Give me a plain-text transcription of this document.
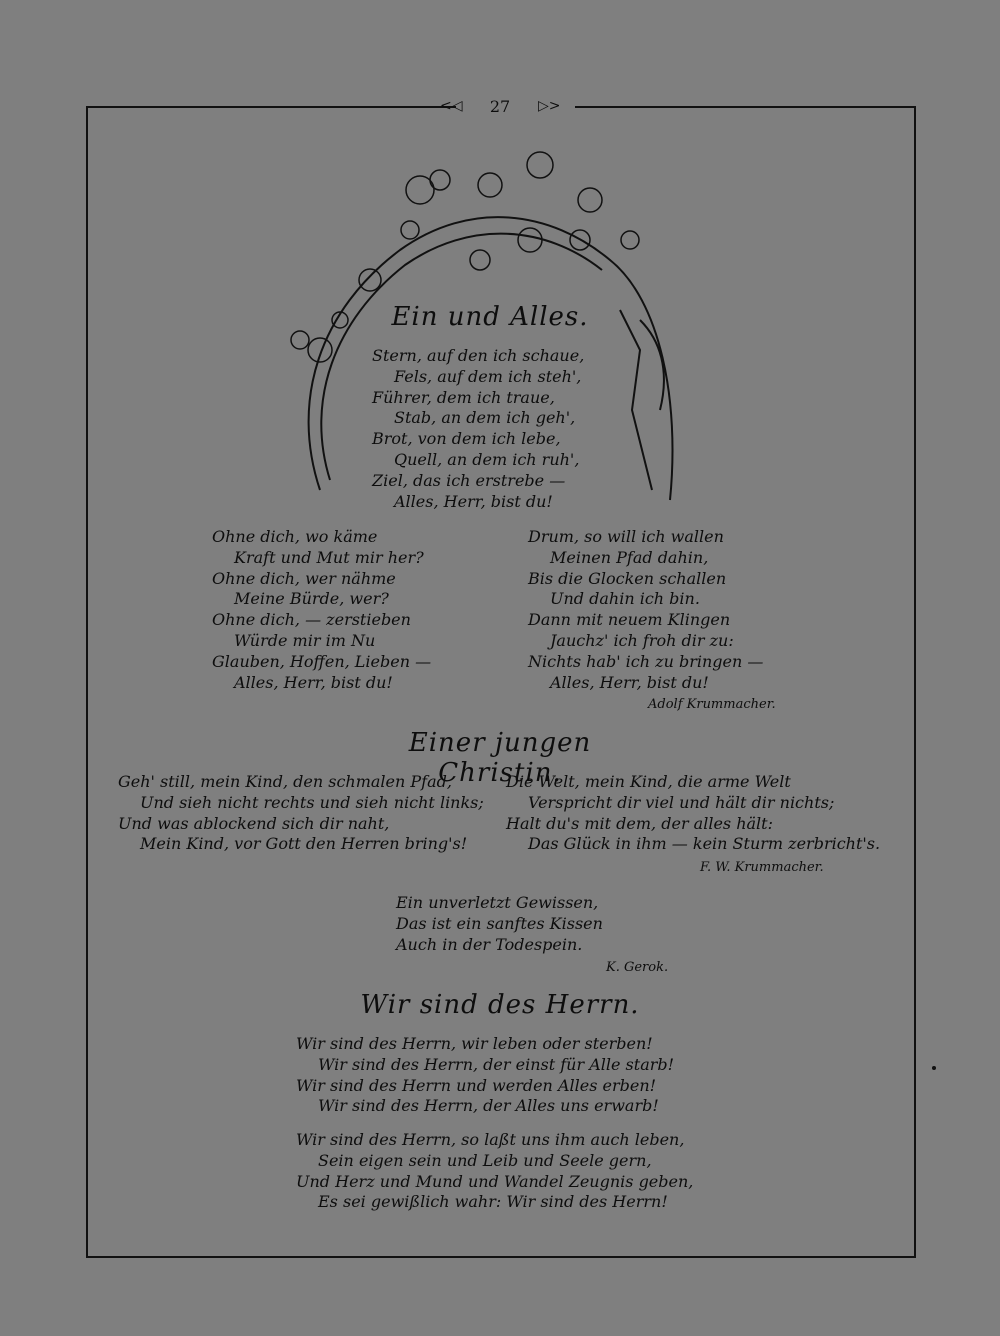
<◁	27	▷>
Ein und Alles.
Stern, auf den ich schaue,
Fels, auf dem ich steh',
Führer, dem ich traue,
Stab, an dem ich geh',
Brot, von dem ich lebe,
Quell, an dem ich ruh',
Ziel, das ich erstrebe —
Alles, Herr, bist du!
Ohne dich, wo käme
Kraft und Mut mir her?
Ohne dich, wer nähme
Meine Bürde, wer?
Ohne dich, — zerstieben
Würde mir im Nu
Glauben, Hoffen, Lieben —
Alles, Herr, bist du!
Drum, so will ich wallen
Meinen Pfad dahin,
Bis die Glocken schallen
Und dahin ich bin.
Dann mit neuem Klingen
Jauchz' ich froh dir zu:
Nichts hab' ich zu bringen —
Alles, Herr, bist du!
Adolf Krummacher.
Einer jungen Christin.
Geh' still, mein Kind, den schmalen Pfad,
Und sieh nicht rechts und sieh nicht links;
Und was ablockend sich dir naht,
Mein Kind, vor Gott den Herren bring's!
Die Welt, mein Kind, die arme Welt
Verspricht dir viel und hält dir nichts;
Halt du's mit dem, der alles hält:
Das Glück in ihm — kein Sturm zerbricht's.
F. W. Krummacher.
Ein unverletzt Gewissen,
Das ist ein sanftes Kissen
Auch in der Todespein.
K. Gerok.
Wir sind des Herrn.
Wir sind des Herrn, wir leben oder sterben!
Wir sind des Herrn, der einst für Alle starb!
Wir sind des Herrn und werden Alles erben!
Wir sind des Herrn, der Alles uns erwarb!
Wir sind des Herrn, so laßt uns ihm auch leben,
Sein eigen sein und Leib und Seele gern,
Und Herz und Mund und Wandel Zeugnis geben,
Es sei gewißlich wahr: Wir sind des Herrn!
